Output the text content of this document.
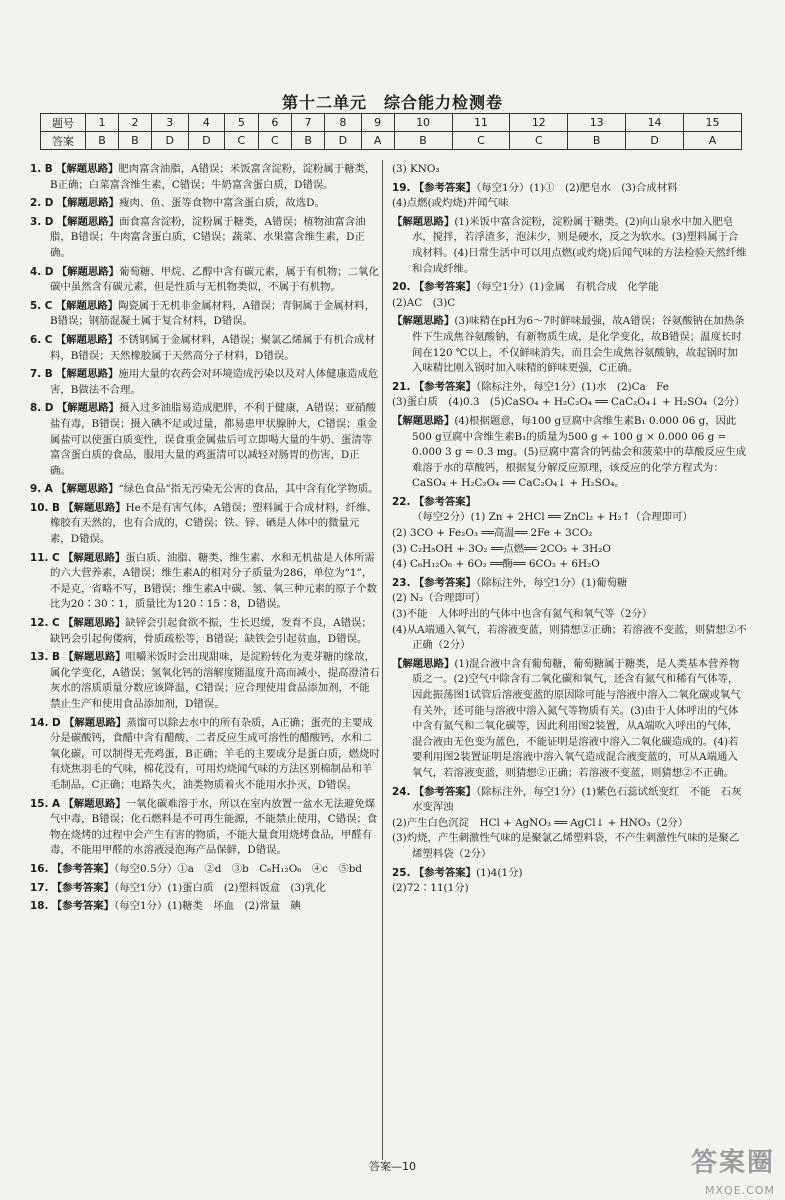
第十二单元　综合能力检测卷
题号	1	2	3	4	5	6	7	8	9	10	11	12	13	14	15
答案	B	B	D	D	C	C	B	D	A	B	C	C	B	D	A
1. B 【解题思路】肥肉富含油脂，A错误；米饭富含淀粉，淀粉属于糖类，B正确；白菜富含维生素，C错误；牛奶富含蛋白质，D错误。
2. D 【解题思路】瘦肉、鱼、蛋等食物中富含蛋白质，故选D。
3. D 【解题思路】面食富含淀粉，淀粉属于糖类，A错误；植物油富含油脂，B错误；牛肉富含蛋白质，C错误；蔬菜、水果富含维生素，D正确。
4. D 【解题思路】葡萄糖、甲烷、乙醇中含有碳元素，属于有机物；二氧化碳中虽然含有碳元素，但是性质与无机物类似，不属于有机物。
5. C 【解题思路】陶瓷属于无机非金属材料，A错误；青铜属于金属材料，B错误；钢筋混凝土属于复合材料，D错误。
6. C 【解题思路】不锈钢属于金属材料，A错误；聚氯乙烯属于有机合成材料，B错误；天然橡胶属于天然高分子材料，D错误。
7. B 【解题思路】施用大量的农药会对环境造成污染以及对人体健康造成危害，B做法不合理。
8. D 【解题思路】摄入过多油脂易造成肥胖，不利于健康，A错误；亚硝酸盐有毒，B错误；摄入碘不足或过量，都易患甲状腺肿大，C错误；重金属盐可以使蛋白质变性，误食重金属盐后可立即喝大量的牛奶、蛋清等富含蛋白质的食品，服用大量的鸡蛋清可以减轻对肠胃的伤害，D正确。
9. A 【解题思路】“绿色食品”指无污染无公害的食品，其中含有化学物质。
10. B 【解题思路】He不是有害气体，A错误；塑料属于合成材料，纤维、橡胶有天然的，也有合成的，C错误；铁、锌、硒是人体中的微量元素，D错误。
11. C 【解题思路】蛋白质、油脂、糖类、维生素、水和无机盐是人体所需的六大营养素，A错误；维生素A的相对分子质量为286，单位为“1”，不是克，省略不写，B错误；维生素A中碳、氢、氧三种元素的原子个数比为20∶30∶1，质量比为120∶15∶8，D错误。
12. C 【解题思路】缺锌会引起食欲不振，生长迟缓，发育不良，A错误；缺钙会引起佝偻病，骨质疏松等，B错误；缺铁会引起贫血，D错误。
13. B 【解题思路】咀嚼米饭时会出现甜味，是淀粉转化为麦芽糖的缘故，属化学变化，A错误；氢氧化钙的溶解度随温度升高而减小，提高澄清石灰水的溶质质量分数应该降温，C错误；应合理使用食品添加剂，不能禁止生产和使用食品添加剂，D错误。
14. D 【解题思路】蒸馏可以除去水中的所有杂质，A正确；蛋壳的主要成分是碳酸钙，食醋中含有醋酸，二者反应生成可溶性的醋酸钙，水和二氧化碳，可以制得无壳鸡蛋，B正确；羊毛的主要成分是蛋白质，燃烧时有烧焦羽毛的气味，棉花没有，可用灼烧闻气味的方法区别棉制品和羊毛制品，C正确；电路失火，油类物质着火不能用水扑灭，D错误。
15. A 【解题思路】一氧化碳难溶于水，所以在室内放置一盆水无法避免煤气中毒，B错误；化石燃料是不可再生能源，不能禁止使用，C错误；食物在烧烤的过程中会产生有害的物质，不能大量食用烧烤食品，甲醛有毒，不能用甲醛的水溶液浸泡海产品保鲜，D错误。
16. 【参考答案】（每空0.5分）①a　②d　③b　C₆H₁₂O₆　④c　⑤bd
17. 【参考答案】（每空1分）(1)蛋白质　(2)塑料饭盒　(3)乳化
18. 【参考答案】（每空1分）(1)糖类　坏血　(2)常量　碘
(3) KNO₃
19. 【参考答案】（每空1分）(1)①　(2)肥皂水　(3)合成材料
(4)点燃(或灼烧)并闻气味
【解题思路】(1)米饭中富含淀粉，淀粉属于糖类。(2)向山泉水中加入肥皂水，搅拌，若浮渣多，泡沫少，则是硬水，反之为软水。(3)塑料属于合成材料。(4)日常生活中可以用点燃(或灼烧)后闻气味的方法检验天然纤维和合成纤维。
20. 【参考答案】（每空1分）(1)金属　有机合成　化学能
(2)AC　(3)C
【解题思路】(3)味精在pH为6～7时鲜味最强，故A错误；谷氨酸钠在加热条件下生成焦谷氨酸钠，有新物质生成，是化学变化，故B错误；温度长时间在120 ℃以上，不仅鲜味消失，而且会生成焦谷氨酸钠，故起锅时加入味精比刚入锅时加入味精的鲜味更强，C正确。
21. 【参考答案】（除标注外，每空1分）(1)水　(2)Ca　Fe
(3)蛋白质　(4)0.3　(5)CaSO₄ + H₂C₂O₄ ══ CaC₂O₄↓ + H₂SO₄（2分）
【解题思路】(4)根据题意，每100 g豆腐中含维生素B₁ 0.000 06 g，因此500 g豆腐中含维生素B₁的质量为500 g ÷ 100 g × 0.000 06 g = 0.000 3 g = 0.3 mg。(5)豆腐中富含的钙盐会和菠菜中的草酸反应生成难溶于水的草酸钙，根据复分解反应原理，该反应的化学方程式为：CaSO₄ + H₂C₂O₄ ══ CaC₂O₄↓ + H₂SO₄。
22. 【参考答案】（每空2分）(1) Zn + 2HCl ══ ZnCl₂ + H₂↑（合理即可）
(2) 3CO + Fe₂O₃ ══高温══ 2Fe + 3CO₂
(3) C₂H₅OH + 3O₂ ══点燃══ 2CO₂ + 3H₂O
(4) C₆H₁₂O₆ + 6O₂ ══酶══ 6CO₂ + 6H₂O
23. 【参考答案】（除标注外，每空1分）(1)葡萄糖
(2) N₂（合理即可）
(3)不能　人体呼出的气体中也含有氮气和氧气等（2分）
(4)从A端通入氧气，若溶液变蓝，则猜想②正确；若溶液不变蓝，则猜想②不正确（2分）
【解题思路】(1)混合液中含有葡萄糖，葡萄糖属于糖类，是人类基本营养物质之一。(2)空气中除含有二氧化碳和氧气，还含有氮气和稀有气体等，因此振荡图1试管后溶液变蓝的原因除可能与溶液中溶入二氧化碳或氧气有关外，还可能与溶液中溶入氮气等物质有关。(3)由于人体呼出的气体中含有氮气和二氧化碳等，因此利用图2装置，从A端吹入呼出的气体，混合液由无色变为蓝色，不能证明是溶液中溶入二氧化碳造成的。(4)若要利用图2装置证明是溶液中溶入氧气造成混合液变蓝的，可从A端通入氧气，若溶液变蓝，则猜想②正确；若溶液不变蓝，则猜想②不正确。
24. 【参考答案】（除标注外，每空1分）(1)紫色石蕊试纸变红　不能　石灰水变浑浊
(2)产生白色沉淀　HCl + AgNO₃ ══ AgCl↓ + HNO₃（2分）
(3)灼烧，产生刺激性气味的是聚氯乙烯塑料袋，不产生刺激性气味的是聚乙烯塑料袋（2分）
25. 【参考答案】(1)4(1分)
(2)72∶11(1分)
答案—10	答案圈
MXQE.COM
